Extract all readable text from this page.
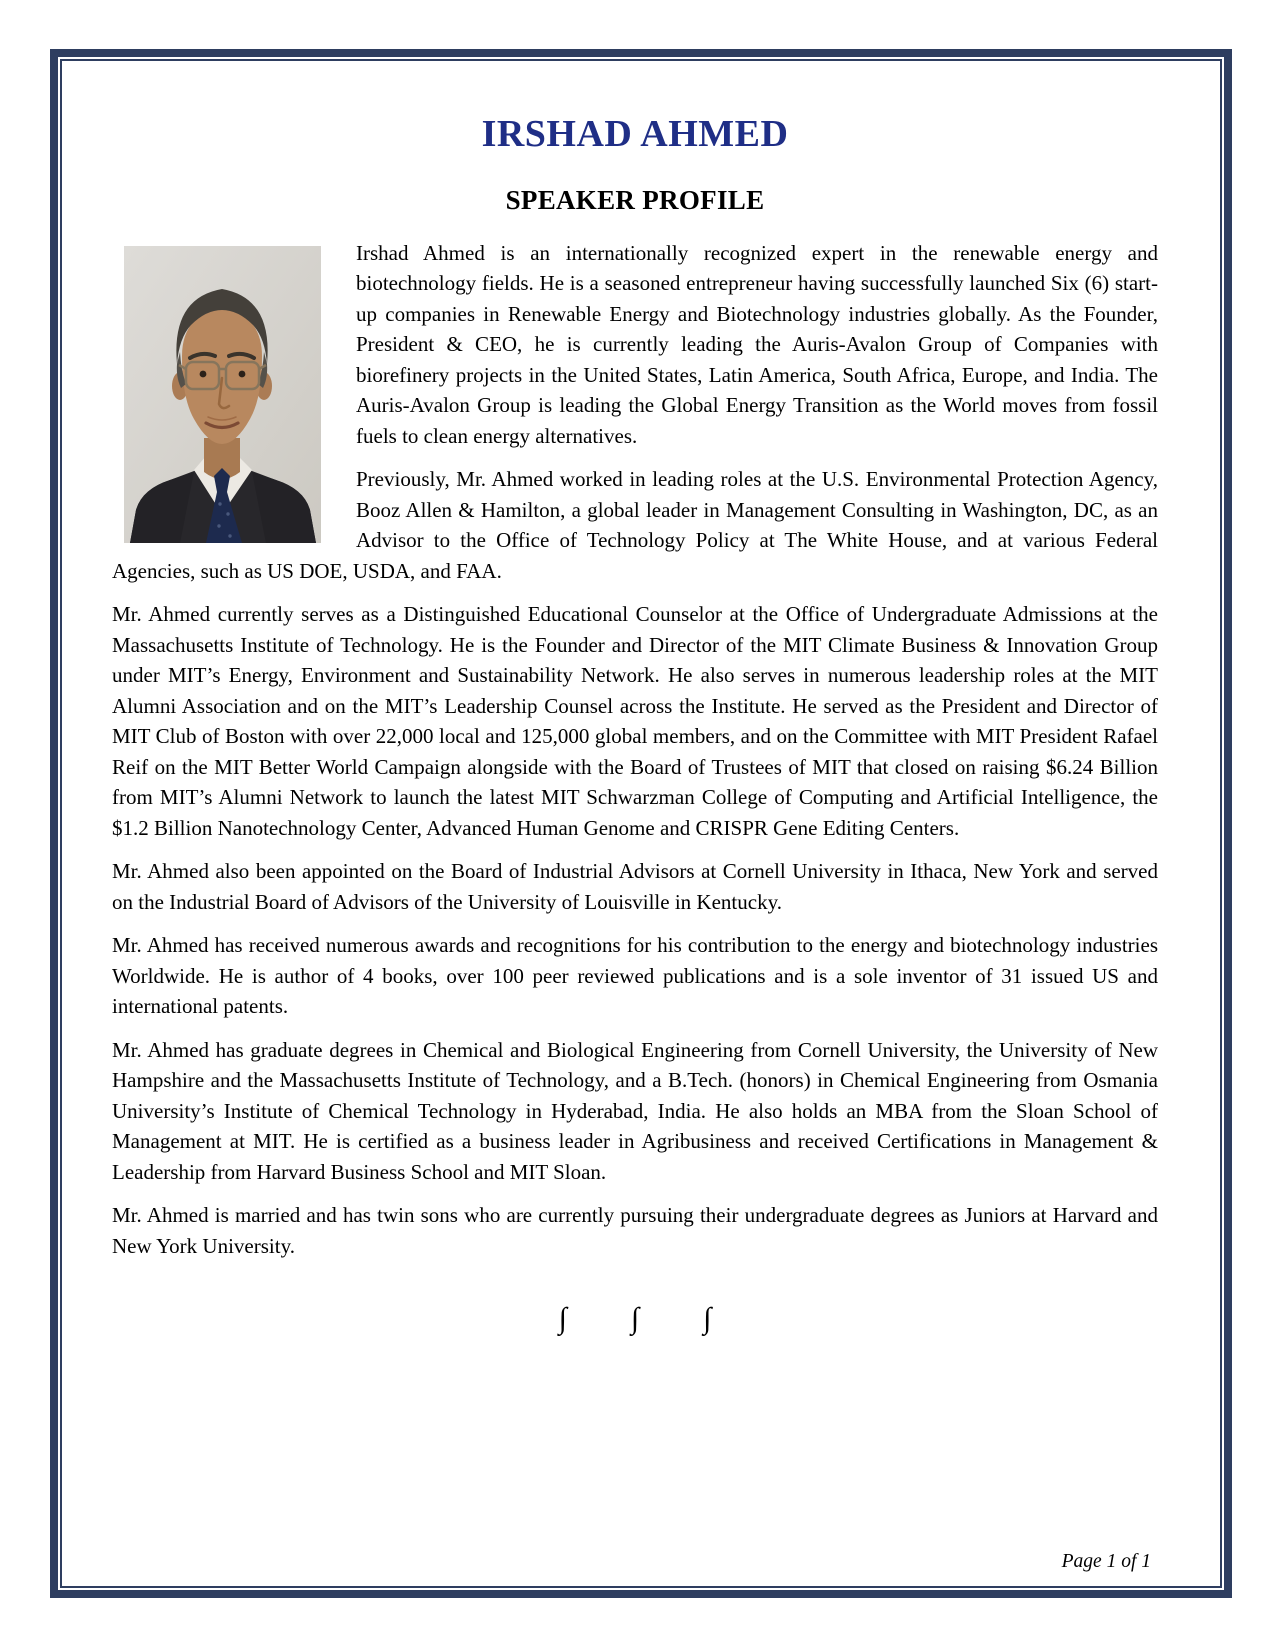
IRSHAD AHMED
SPEAKER PROFILE

Irshad Ahmed is an internationally recognized expert in the renewable energy and biotechnology fields. He is a seasoned entrepreneur having successfully launched Six (6) start-up companies in Renewable Energy and Biotechnology industries globally. As the Founder, President & CEO, he is currently leading the Auris-Avalon Group of Companies with biorefinery projects in the United States, Latin America, South Africa, Europe, and India. The Auris-Avalon Group is leading the Global Energy Transition as the World moves from fossil fuels to clean energy alternatives.

Previously, Mr. Ahmed worked in leading roles at the U.S. Environmental Protection Agency, Booz Allen & Hamilton, a global leader in Management Consulting in Washington, DC, as an Advisor to the Office of Technology Policy at The White House, and at various Federal Agencies, such as US DOE, USDA, and FAA.

Mr. Ahmed currently serves as a Distinguished Educational Counselor at the Office of Undergraduate Admissions at the Massachusetts Institute of Technology. He is the Founder and Director of the MIT Climate Business & Innovation Group under MIT’s Energy, Environment and Sustainability Network. He also serves in numerous leadership roles at the MIT Alumni Association and on the MIT’s Leadership Counsel across the Institute. He served as the President and Director of MIT Club of Boston with over 22,000 local and 125,000 global members, and on the Committee with MIT President Rafael Reif on the MIT Better World Campaign alongside with the Board of Trustees of MIT that closed on raising $6.24 Billion from MIT’s Alumni Network to launch the latest MIT Schwarzman College of Computing and Artificial Intelligence, the $1.2 Billion Nanotechnology Center, Advanced Human Genome and CRISPR Gene Editing Centers.

Mr. Ahmed also been appointed on the Board of Industrial Advisors at Cornell University in Ithaca, New York and served on the Industrial Board of Advisors of the University of Louisville in Kentucky.

Mr. Ahmed has received numerous awards and recognitions for his contribution to the energy and biotechnology industries Worldwide. He is author of 4 books, over 100 peer reviewed publications and is a sole inventor of 31 issued US and international patents.

Mr. Ahmed has graduate degrees in Chemical and Biological Engineering from Cornell University, the University of New Hampshire and the Massachusetts Institute of Technology, and a B.Tech. (honors) in Chemical Engineering from Osmania University’s Institute of Chemical Technology in Hyderabad, India. He also holds an MBA from the Sloan School of Management at MIT. He is certified as a business leader in Agribusiness and received Certifications in Management & Leadership from Harvard Business School and MIT Sloan.

Mr. Ahmed is married and has twin sons who are currently pursuing their undergraduate degrees as Juniors at Harvard and New York University.

∫ ∫ ∫
Page 1 of 1
